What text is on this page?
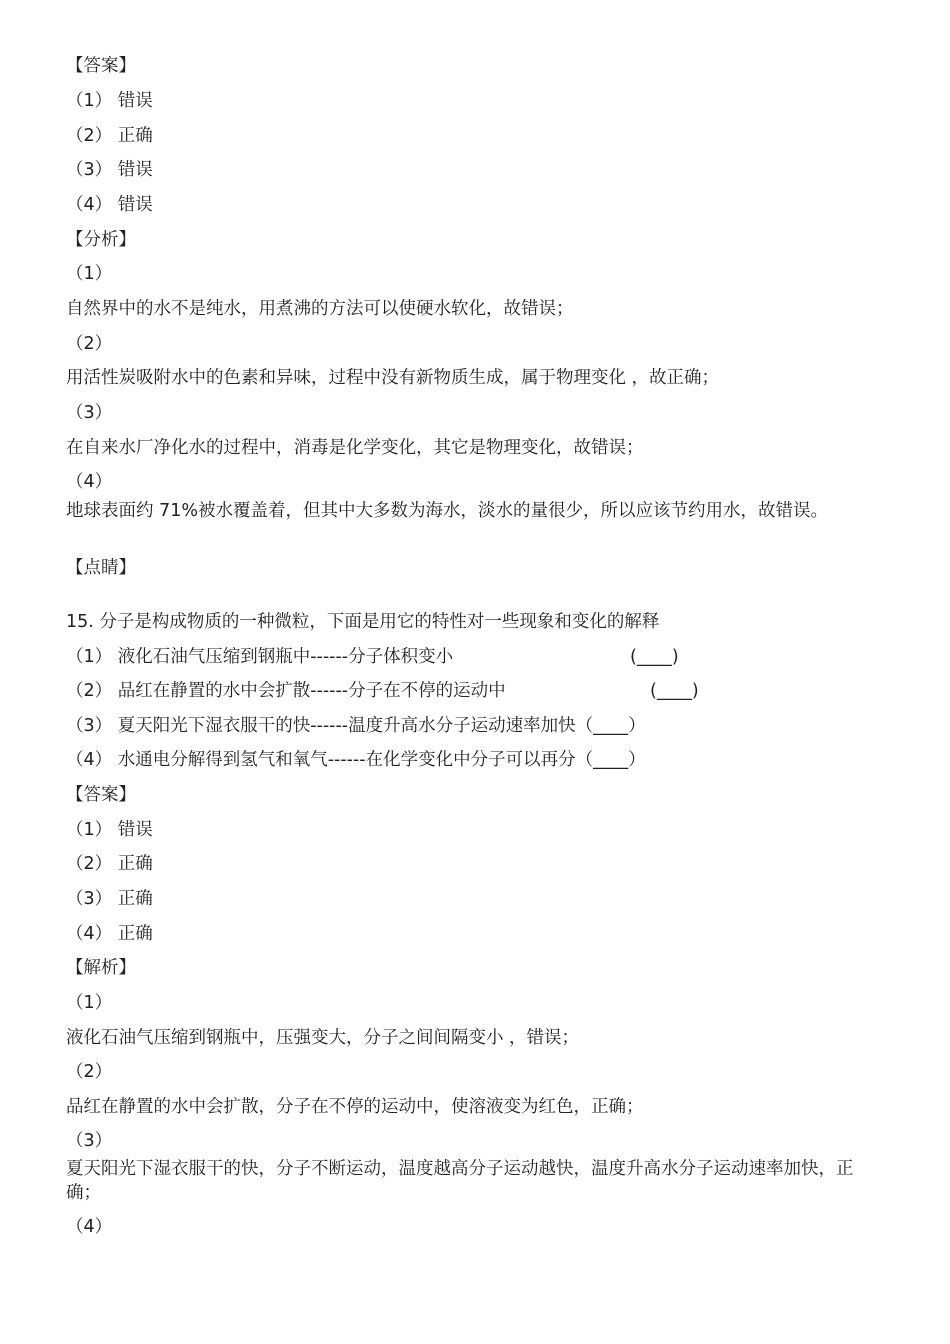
【答案】
（1） 错误
（2） 正确
（3） 错误
（4） 错误
【分析】
（1）
自然界中的水不是纯水，用煮沸的方法可以使硬水软化，故错误；
（2）
用活性炭吸附水中的色素和异味，过程中没有新物质生成，属于物理变化 ，故正确；
（3）
在自来水厂净化水的过程中，消毒是化学变化，其它是物理变化，故错误；
（4）
地球表面约 71%被水覆盖着，但其中大多数为海水，淡水的量很少，所以应该节约用水，故错误。
【点睛】
15. 分子是构成物质的一种微粒，下面是用它的特性对一些现象和变化的解释
（1） 液化石油气压缩到钢瓶中------分子体积变小	(____)
（2） 品红在静置的水中会扩散------分子在不停的运动中	(____)
（3） 夏天阳光下湿衣服干的快------温度升高水分子运动速率加快（____）
（4） 水通电分解得到氢气和氧气------在化学变化中分子可以再分（____）
【答案】
（1） 错误
（2） 正确
（3） 正确
（4） 正确
【解析】
（1）
液化石油气压缩到钢瓶中，压强变大，分子之间间隔变小 ，错误；
（2）
品红在静置的水中会扩散，分子在不停的运动中，使溶液变为红色，正确；
（3）
夏天阳光下湿衣服干的快，分子不断运动，温度越高分子运动越快，温度升高水分子运动速率加快，正确；
（4）
